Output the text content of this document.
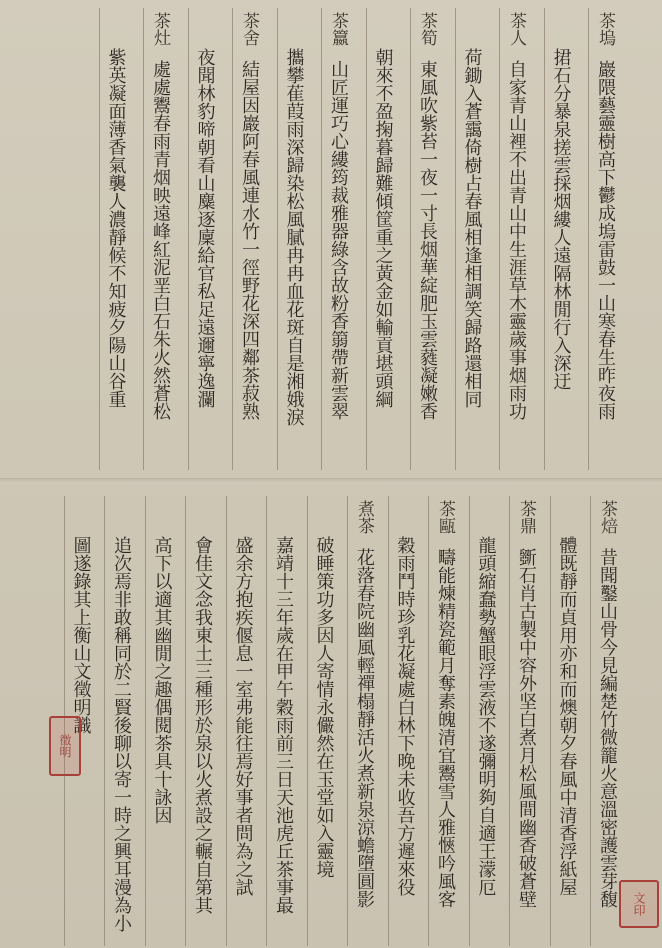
茶塢
巖隈藝靈樹高下鬱成塢雷鼓一山寒春生昨夜雨
捃石分暴泉搓雲採烟縷人遠隔林閒行入深迂
茶人
自家青山裡不出青山中生涯草木靈歲事烟雨功
荷鋤入蒼靄倚樹占春風相逢相調笑歸路還相同
茶筍
東風吹紫苔一夜一寸長烟華綻肥玉雲蕤凝嫩香
朝來不盈掬暮歸難傾筐重之黃金如輸貢堪頭綱
茶籝
山匠運巧心縷筠裁雅器綠含故粉香篛帶新雲翠
攜攀萑葭雨深歸染松風膩冉冉血花斑自是湘娥淚
茶舍
結屋因巖阿春風連水竹一徑野花深四鄰茶菽熟
夜聞林豹啼朝看山麋逐廩給官私足遠邇寧逸瀾
茶灶
處處鬻春雨青烟映遠峰紅泥垩白石朱火然蒼松
紫英凝面薄香氣襲人濃靜候不知疲夕陽山谷重
茶焙
昔聞鑿山骨今見編楚竹微籠火意溫密護雲芽馥
體既靜而貞用亦和而燠朝夕春風中清香浮紙屋
茶鼎
斵石肖古製中容外坚白煮月松風間幽香破蒼壁
龍頭縮蠢勢蟹眼浮雲液不遂彌明夠自適王濛厄
茶甌
疇能煉精瓷範月奪素魄清宜鬻雪人雅愜吟風客
穀雨鬥時珍乳花凝處白林下晚未收吾方遲來役
煮茶
花落春院幽風輕禪榻靜活火煮新泉涼蟾墮圓影
破睡策功多因人寄情永儼然在玉堂如入靈境
嘉靖十三年歲在甲午穀雨前三日天池虎丘茶事最
盛余方抱疾偃息一室弗能往焉好事者問為之試
會佳文念我東土三種形於泉以火煮設之輾自第其
高下以適其幽閒之趣偶閱茶具十詠因
追次焉非敢稱同於二賢後聊以寄一時之興耳漫為小
圖遂錄其上衡山文徵明識
徵明
文印
